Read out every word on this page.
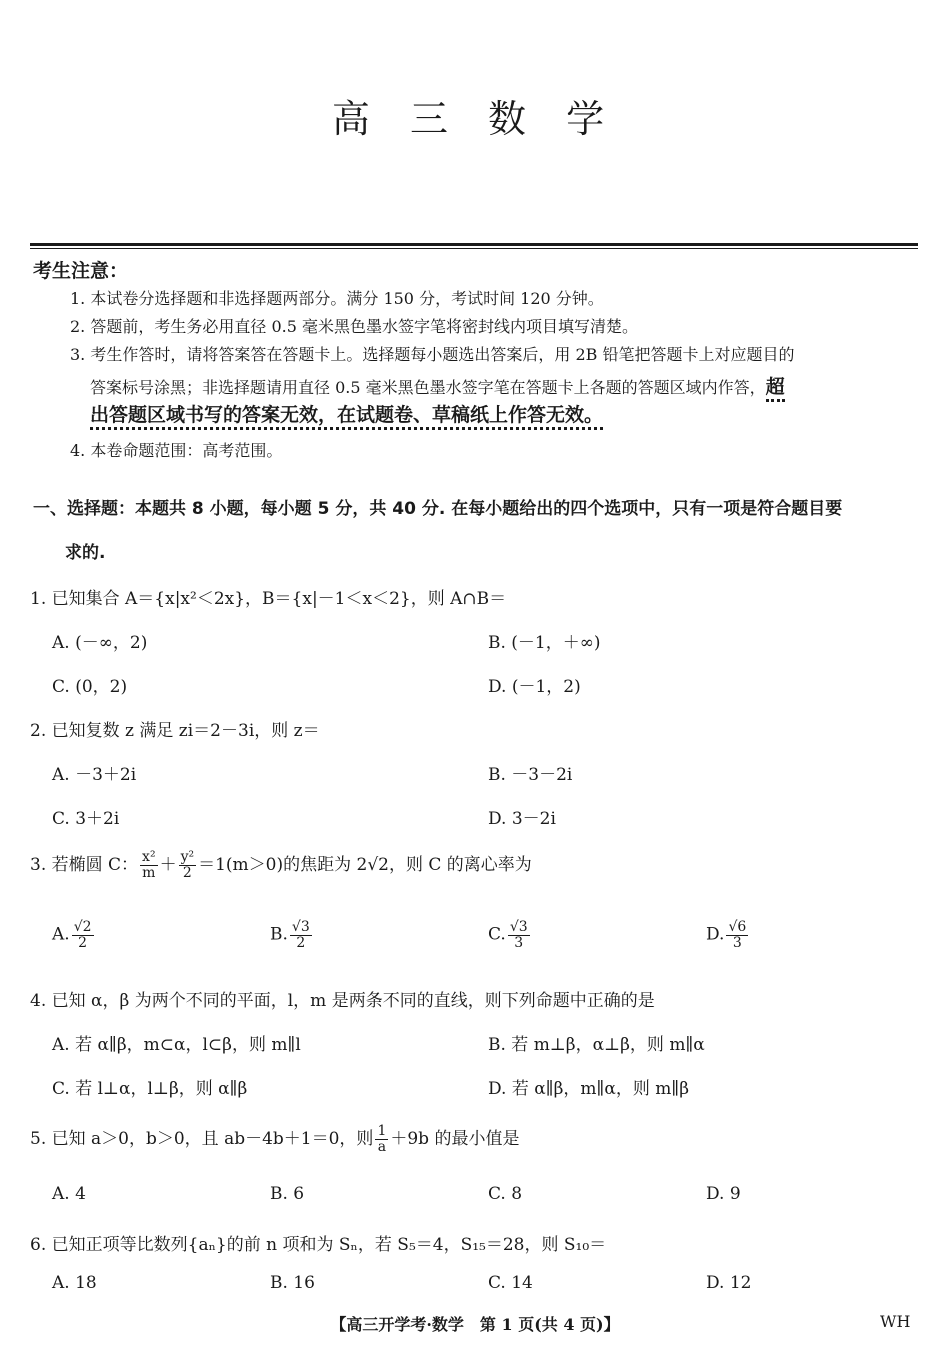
高 三 数 学
考生注意：
1. 本试卷分选择题和非选择题两部分。满分 150 分，考试时间 120 分钟。
2. 答题前，考生务必用直径 0.5 毫米黑色墨水签字笔将密封线内项目填写清楚。
3. 考生作答时，请将答案答在答题卡上。选择题每小题选出答案后，用 2B 铅笔把答题卡上对应题目的
答案标号涂黑；非选择题请用直径 0.5 毫米黑色墨水签字笔在答题卡上各题的答题区域内作答，超
出答题区域书写的答案无效，在试题卷、草稿纸上作答无效。
4. 本卷命题范围：高考范围。
一、选择题：本题共 8 小题，每小题 5 分，共 40 分. 在每小题给出的四个选项中，只有一项是符合题目要
求的.
1. 已知集合 A＝{x|x²＜2x}，B＝{x|－1＜x＜2}，则 A∩B＝
A. (－∞，2)	B. (－1，＋∞)
C. (0，2)	D. (－1，2)
2. 已知复数 z 满足 zi＝2－3i，则 z＝
A. －3＋2i	B. －3－2i
C. 3＋2i	D. 3－2i
3. 若椭圆 C： $\frac{\text{x²}}{m} + \frac{\text{y²}}{2} =1(m>0)$的焦距为 2√2，则 C 的离心率为
A. $\frac{√2}{2}$	B. $\frac{√3}{2}$	C. $\frac{√3}{3}$	D. $\frac{√6}{3}$
4. 已知 α，β 为两个不同的平面，l，m 是两条不同的直线，则下列命题中正确的是
A. 若 α∥β，m⊂α，l⊂β，则 m∥l	B. 若 m⊥β，α⊥β，则 m∥α
C. 若 l⊥α，l⊥β，则 α∥β	D. 若 α∥β，m∥α，则 m∥β
5. 已知 a＞0，b＞0，且 ab－4b＋1＝0，则 $\frac{1}{a} +9b$ 的最小值是
A. 4	B. 6	C. 8	D. 9
6. 已知正项等比数列{aₙ}的前 n 项和为 Sₙ，若 S₅＝4，S₁₅＝28，则 S₁₀＝
A. 18	B. 16	C. 14	D. 12
【高三开学考·数学　第 1 页(共 4 页)】	WH
